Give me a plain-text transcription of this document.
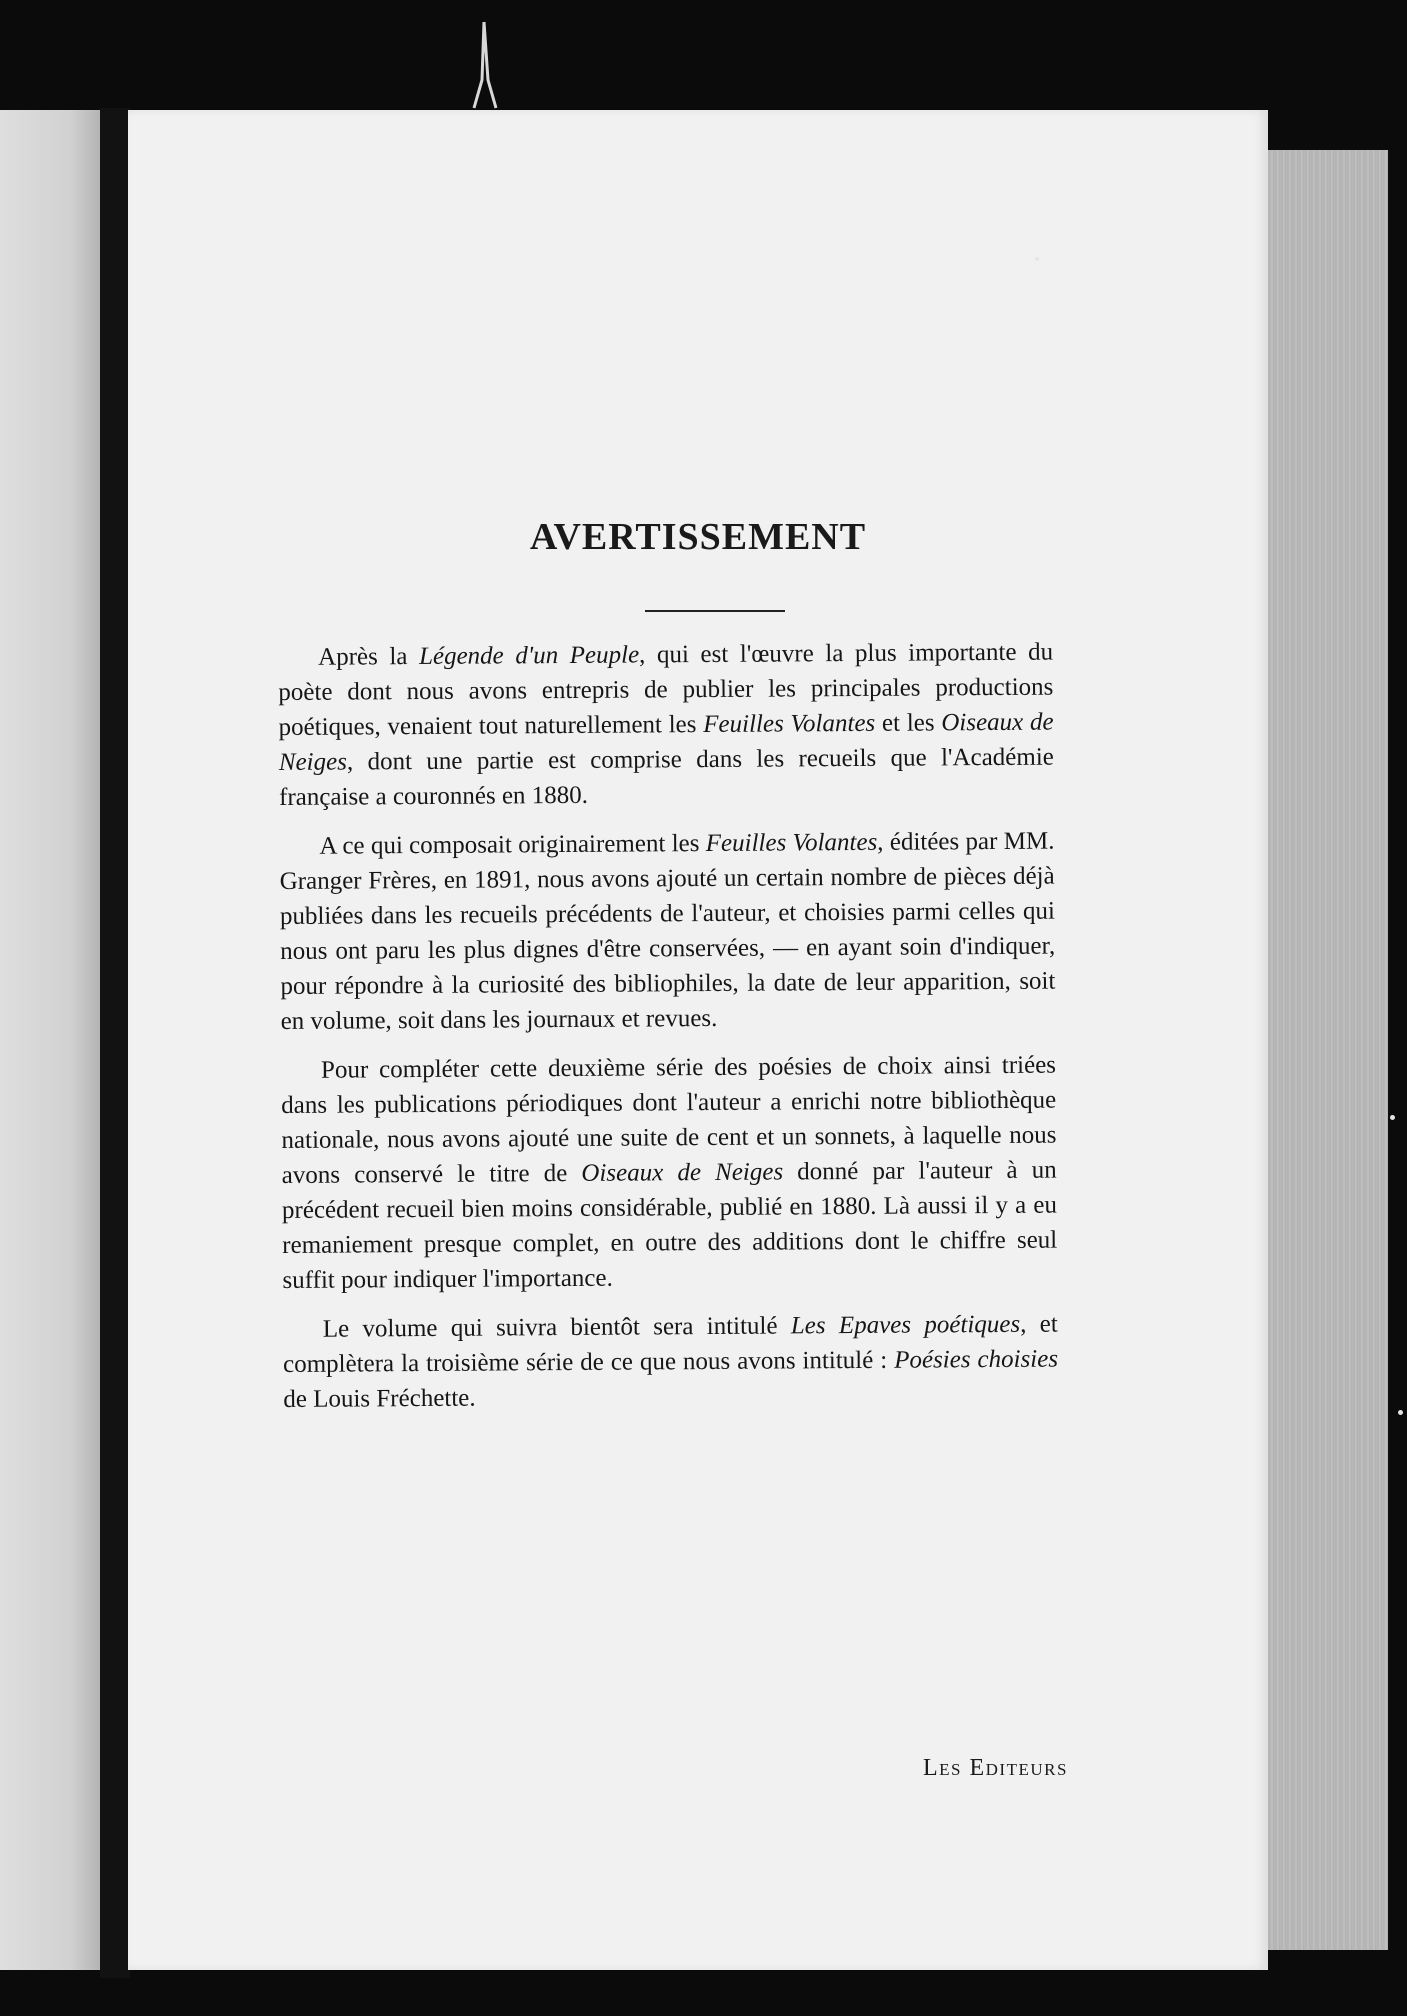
AVERTISSEMENT

Après la Légende d'un Peuple, qui est l'œuvre la plus importante du poète dont nous avons entrepris de publier les principales productions poétiques, venaient tout naturellement les Feuilles Volantes et les Oiseaux de Neiges, dont une partie est comprise dans les recueils que l'Académie française a couronnés en 1880.

A ce qui composait originairement les Feuilles Volantes, éditées par MM. Granger Frères, en 1891, nous avons ajouté un certain nombre de pièces déjà publiées dans les recueils précédents de l'auteur, et choisies parmi celles qui nous ont paru les plus dignes d'être conservées, — en ayant soin d'indiquer, pour répondre à la curiosité des bibliophiles, la date de leur apparition, soit en volume, soit dans les journaux et revues.

Pour compléter cette deuxième série des poésies de choix ainsi triées dans les publications périodiques dont l'auteur a enrichi notre bibliothèque nationale, nous avons ajouté une suite de cent et un sonnets, à laquelle nous avons conservé le titre de Oiseaux de Neiges donné par l'auteur à un précédent recueil bien moins considérable, publié en 1880. Là aussi il y a eu remaniement presque complet, en outre des additions dont le chiffre seul suffit pour indiquer l'importance.

Le volume qui suivra bientôt sera intitulé Les Epaves poétiques, et complètera la troisième série de ce que nous avons intitulé : Poésies choisies de Louis Fréchette.

Les Editeurs
